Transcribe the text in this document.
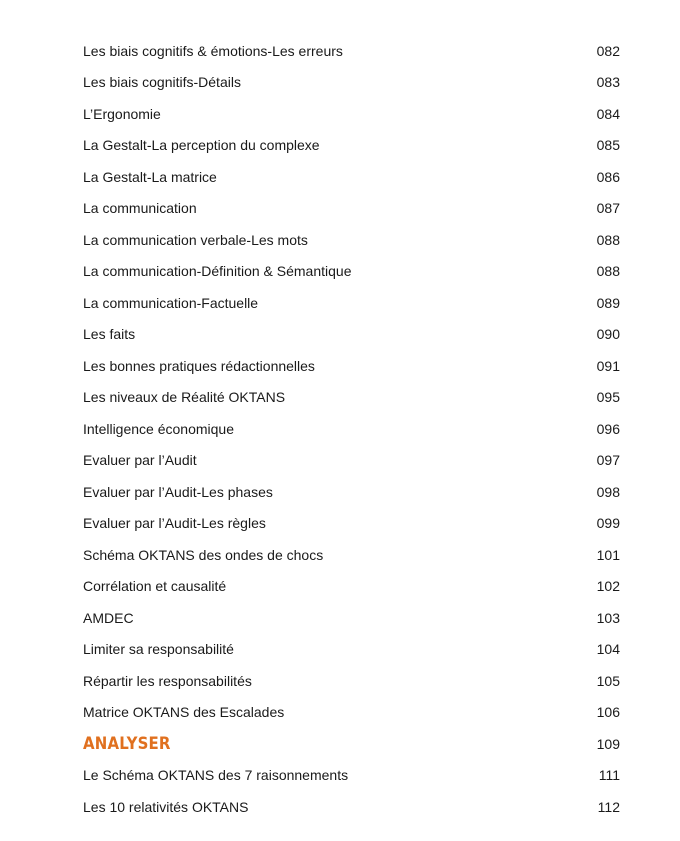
Les biais cognitifs & émotions-Les erreurs	082
Les biais cognitifs-Détails	083
L’Ergonomie	084
La Gestalt-La perception du complexe	085
La Gestalt-La matrice	086
La communication	087
La communication verbale-Les mots	088
La communication-Définition & Sémantique	088
La communication-Factuelle	089
Les faits	090
Les bonnes pratiques rédactionnelles	091
Les niveaux de Réalité OKTANS	095
Intelligence économique	096
Evaluer par l’Audit	097
Evaluer par l’Audit-Les phases	098
Evaluer par l’Audit-Les règles	099
Schéma OKTANS des ondes de chocs	101
Corrélation et causalité	102
AMDEC	103
Limiter sa responsabilité	104
Répartir les responsabilités	105
Matrice OKTANS des Escalades	106
ANALYSER	109
Le Schéma OKTANS des 7 raisonnements	111
Les 10 relativités OKTANS	112
